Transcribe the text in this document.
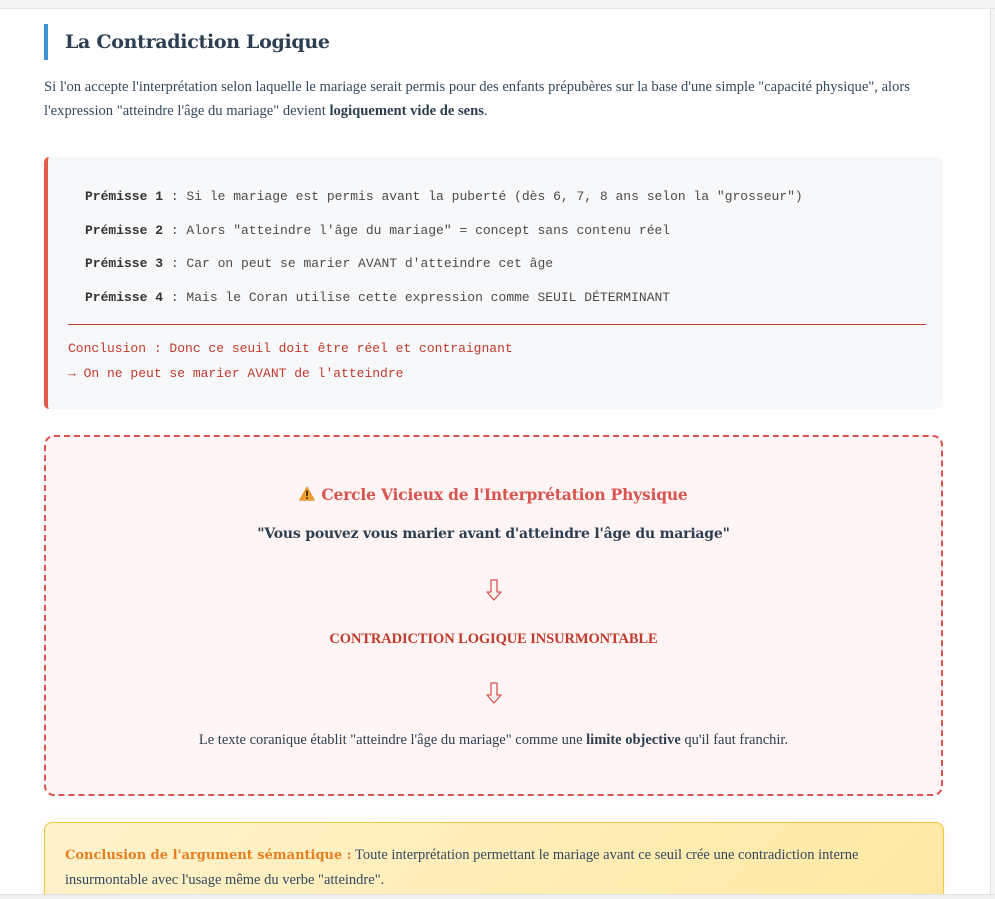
La Contradiction Logique

Si l'on accepte l'interprétation selon laquelle le mariage serait permis pour des enfants prépubères sur la base d'une simple "capacité physique", alors l'expression "atteindre l'âge du mariage" devient logiquement vide de sens.

Prémisse 1 : Si le mariage est permis avant la puberté (dès 6, 7, 8 ans selon la "grosseur")
Prémisse 2 : Alors "atteindre l'âge du mariage" = concept sans contenu réel
Prémisse 3 : Car on peut se marier AVANT d'atteindre cet âge
Prémisse 4 : Mais le Coran utilise cette expression comme SEUIL DÉTERMINANT
Conclusion : Donc ce seuil doit être réel et contraignant
→ On ne peut se marier AVANT de l'atteindre
Cercle Vicieux de l'Interprétation Physique
"Vous pouvez vous marier avant d'atteindre l'âge du mariage"
CONTRADICTION LOGIQUE INSURMONTABLE
Le texte coranique établit "atteindre l'âge du mariage" comme une limite objective qu'il faut franchir.
Conclusion de l'argument sémantique : Toute interprétation permettant le mariage avant ce seuil crée une contradiction interne insurmontable avec l'usage même du verbe "atteindre".
